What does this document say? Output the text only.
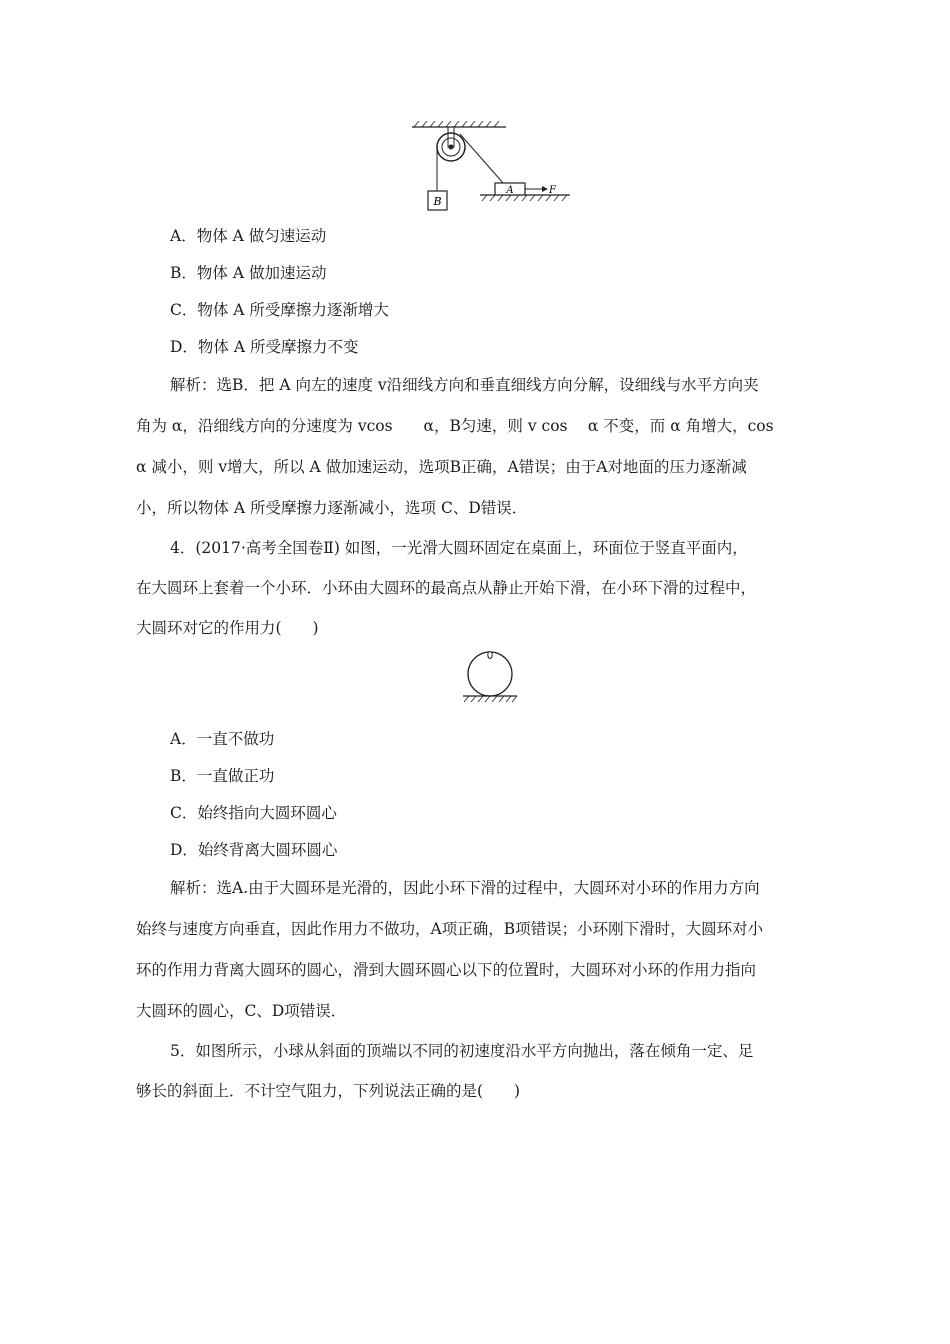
B
A	F
A．物体 A 做匀速运动
B．物体 A 做加速运动
C．物体 A 所受摩擦力逐渐增大
D．物体 A 所受摩擦力不变
解析：选B．把 A 向左的速度 v沿细线方向和垂直细线方向分解，设细线与水平方向夹
角为 α，沿细线方向的分速度为 vcos　　α，B匀速，则 v cos　 α 不变，而 α 角增大，cos
α 减小，则 v增大，所以 A 做加速运动，选项B正确，A错误；由于A对地面的压力逐渐减
小，所以物体 A 所受摩擦力逐渐减小，选项 C、D错误．
4．(2017·高考全国卷Ⅱ) 如图，一光滑大圆环固定在桌面上，环面位于竖直平面内，
在大圆环上套着一个小环．小环由大圆环的最高点从静止开始下滑，在小环下滑的过程中，
大圆环对它的作用力(　　)
A．一直不做功
B．一直做正功
C．始终指向大圆环圆心
D．始终背离大圆环圆心
解析：选A.由于大圆环是光滑的，因此小环下滑的过程中，大圆环对小环的作用力方向
始终与速度方向垂直，因此作用力不做功，A项正确，B项错误；小环刚下滑时，大圆环对小
环的作用力背离大圆环的圆心，滑到大圆环圆心以下的位置时，大圆环对小环的作用力指向
大圆环的圆心，C、D项错误．
5．如图所示，小球从斜面的顶端以不同的初速度沿水平方向抛出，落在倾角一定、足
够长的斜面上．不计空气阻力，下列说法正确的是(　　)
